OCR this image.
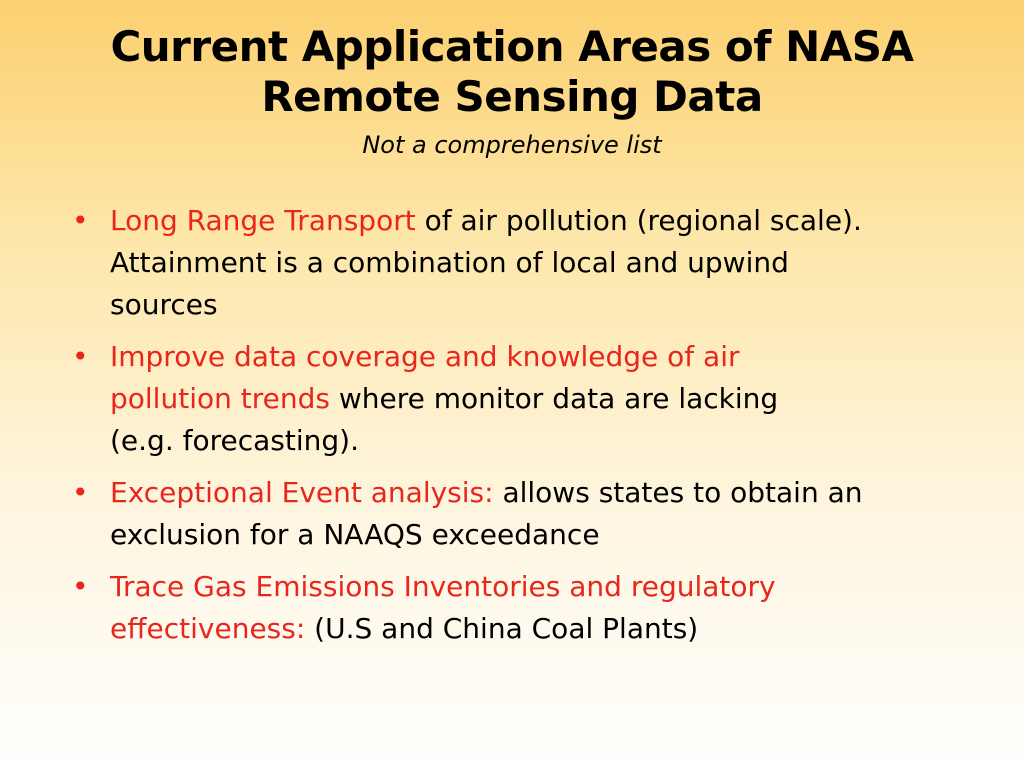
Current Application Areas of NASA
Remote Sensing Data

Not a comprehensive list

• Long Range Transport of air pollution (regional scale).
Attainment is a combination of local and upwind
sources
• Improve data coverage and knowledge of air
pollution trends where monitor data are lacking
(e.g. forecasting).
• Exceptional Event analysis: allows states to obtain an
exclusion for a NAAQS exceedance
• Trace Gas Emissions Inventories and regulatory
effectiveness: (U.S and China Coal Plants)
